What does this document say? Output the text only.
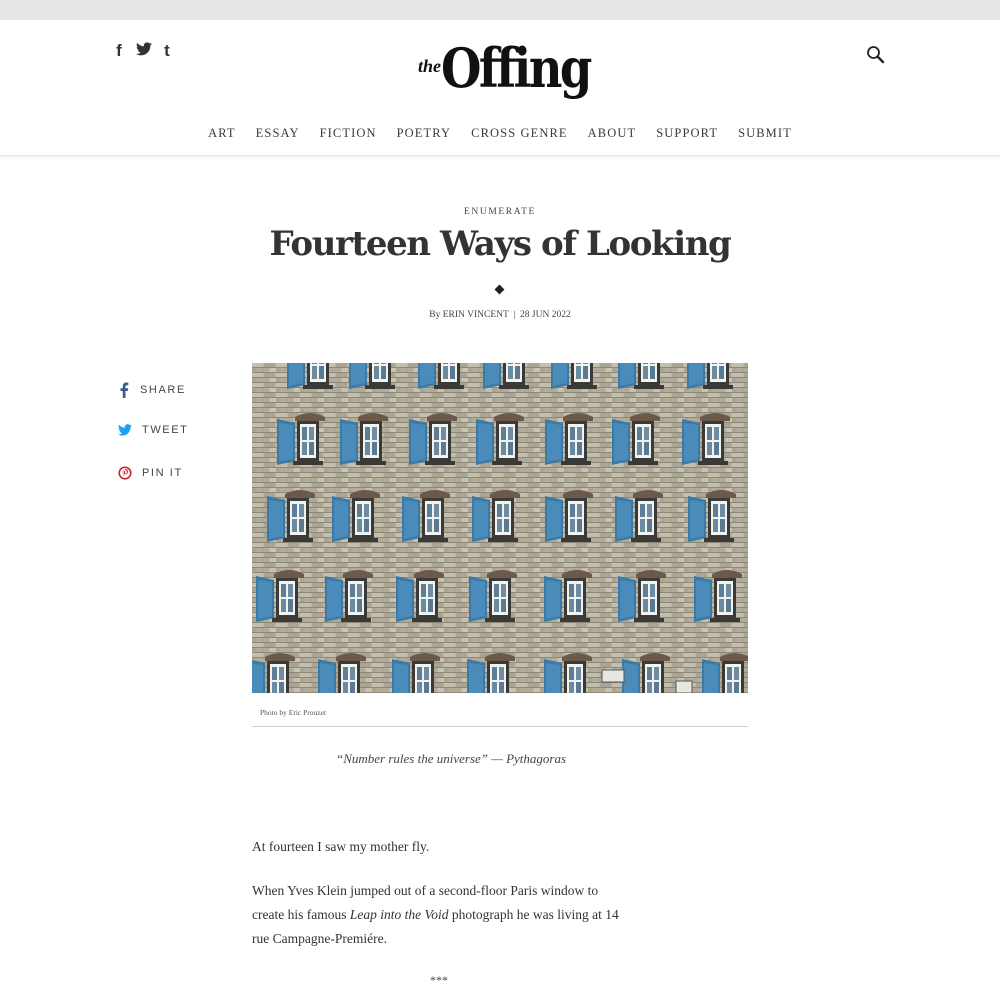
f t
the Offing
ART ESSAY FICTION POETRY CROSS GENRE ABOUT SUPPORT SUBMIT
ENUMERATE
Fourteen Ways of Looking
By ERIN VINCENT  |  28 JUN 2022
SHARE
TWEET
PIN IT
Photo by Eric Prouzet
“Number rules the universe” — Pythagoras

At fourteen I saw my mother fly.

When Yves Klein jumped out of a second-floor Paris window to create his famous Leap into the Void photograph he was living at 14 rue Campagne-Premiére.

***
